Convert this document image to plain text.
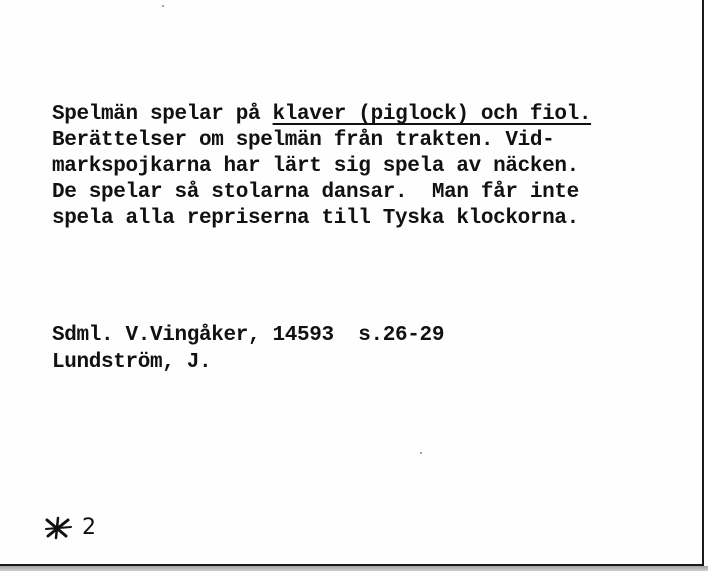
Spelmän spelar på klaver (piglock) och fiol.

Berättelser om spelmän från trakten. Vid-

markspojkarna har lärt sig spela av näcken.

De spelar så stolarna dansar.  Man får inte

spela alla repriserna till Tyska klockorna.

Sdml. V.Vingåker, 14593  s.26-29

Lundström, J.

2
